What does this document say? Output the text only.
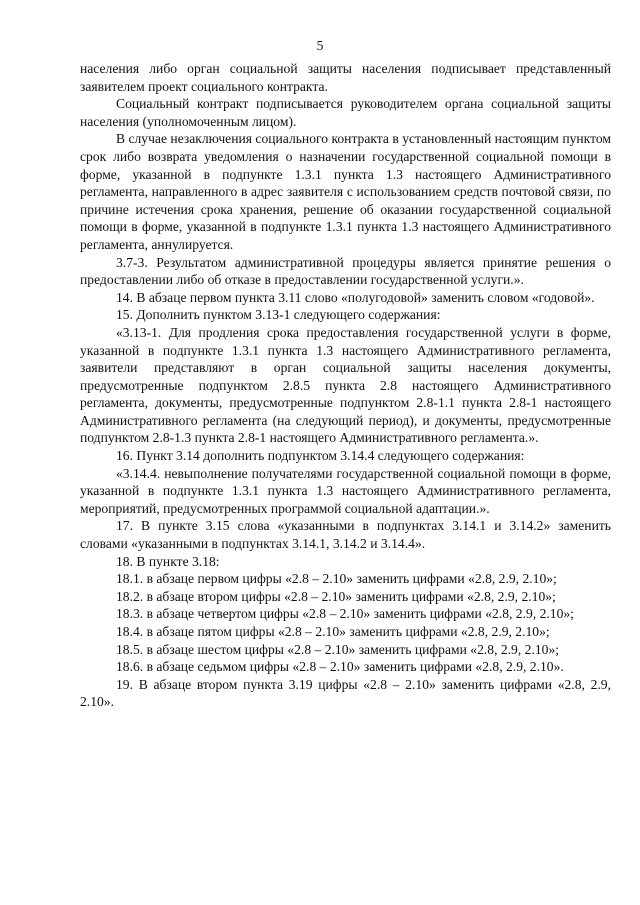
5

населения либо орган социальной защиты населения подписывает представленный заявителем проект социального контракта.

Социальный контракт подписывается руководителем органа социальной защиты населения (уполномоченным лицом).

В случае незаключения социального контракта в установленный настоящим пунктом срок либо возврата уведомления о назначении государственной социальной помощи в форме, указанной в подпункте 1.3.1 пункта 1.3 настоящего Административного регламента, направленного в адрес заявителя с использованием средств почтовой связи, по причине истечения срока хранения, решение об оказании государственной социальной помощи в форме, указанной в подпункте 1.3.1 пункта 1.3 настоящего Административного регламента, аннулируется.

3.7-3. Результатом административной процедуры является принятие решения о предоставлении либо об отказе в предоставлении государственной услуги.».

14. В абзаце первом пункта 3.11 слово «полугодовой» заменить словом «годовой».

15. Дополнить пунктом 3.13-1 следующего содержания:

«3.13-1. Для продления срока предоставления государственной услуги в форме, указанной в подпункте 1.3.1 пункта 1.3 настоящего Административного регламента, заявители представляют в орган социальной защиты населения документы, предусмотренные подпунктом 2.8.5 пункта 2.8 настоящего Административного регламента, документы, предусмотренные подпунктом 2.8-1.1 пункта 2.8-1 настоящего Административного регламента (на следующий период), и документы, предусмотренные подпунктом 2.8-1.3 пункта 2.8-1 настоящего Административного регламента.».

16. Пункт 3.14 дополнить подпунктом 3.14.4 следующего содержания:

«3.14.4. невыполнение получателями государственной социальной помощи в форме, указанной в подпункте 1.3.1 пункта 1.3 настоящего Административного регламента, мероприятий, предусмотренных программой социальной адаптации.».

17. В пункте 3.15 слова «указанными в подпунктах 3.14.1 и 3.14.2» заменить словами «указанными в подпунктах 3.14.1, 3.14.2 и 3.14.4».

18. В пункте 3.18:

18.1. в абзаце первом цифры «2.8 – 2.10» заменить цифрами «2.8, 2.9, 2.10»;

18.2. в абзаце втором цифры «2.8 – 2.10» заменить цифрами «2.8, 2.9, 2.10»;

18.3. в абзаце четвертом цифры «2.8 – 2.10» заменить цифрами «2.8, 2.9, 2.10»;

18.4. в абзаце пятом цифры «2.8 – 2.10» заменить цифрами «2.8, 2.9, 2.10»;

18.5. в абзаце шестом цифры «2.8 – 2.10» заменить цифрами «2.8, 2.9, 2.10»;

18.6. в абзаце седьмом цифры «2.8 – 2.10» заменить цифрами «2.8, 2.9, 2.10».

19. В абзаце втором пункта 3.19 цифры «2.8 – 2.10» заменить цифрами «2.8, 2.9, 2.10».
